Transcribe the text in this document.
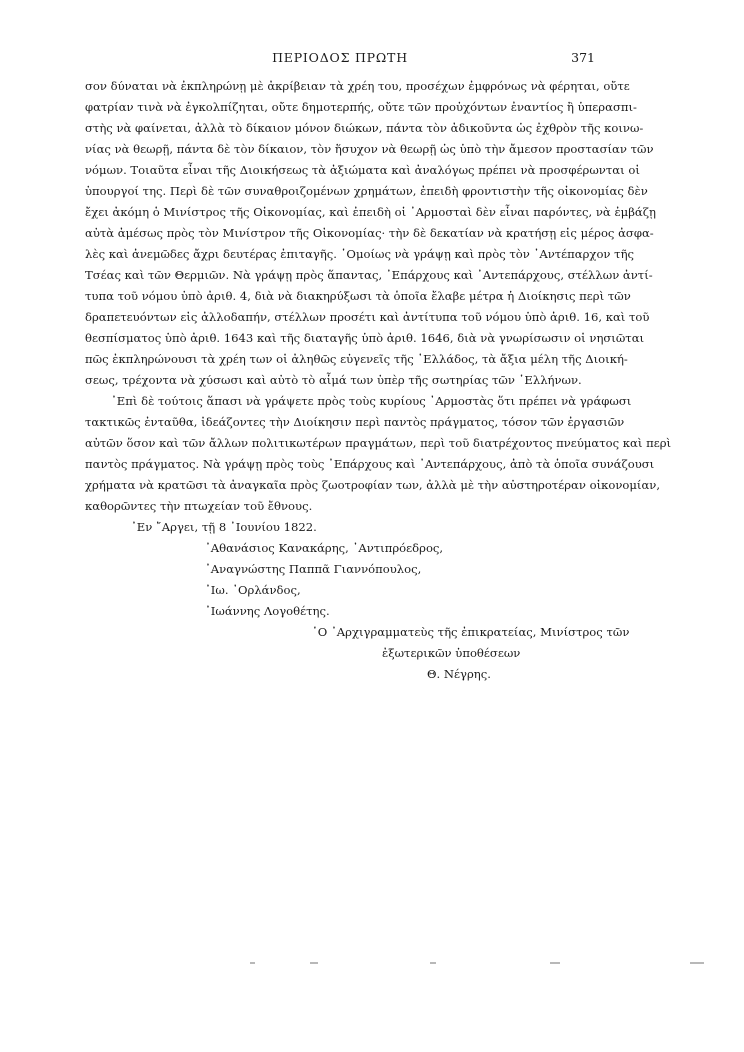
ΠΕΡΙΟΔΟΣ ΠΡΩΤΗ	371
σον δύναται νὰ ἐκπληρώνῃ μὲ ἀκρίβειαν τὰ χρέη του, προσέχων ἐμφρόνως νὰ φέρηται, οὔτε
φατρίαν τινὰ νὰ ἐγκολπίζηται, οὔτε δημοτερπής, οὔτε τῶν προὐχόντων ἐναντίος ἢ ὑπερασπι-
στὴς νὰ φαίνεται, ἀλλὰ τὸ δίκαιον μόνον διώκων, πάντα τὸν ἀδικοῦντα ὡς ἐχθρὸν τῆς κοινω-
νίας νὰ θεωρῇ, πάντα δὲ τὸν δίκαιον, τὸν ἥσυχον νὰ θεωρῇ ὡς ὑπὸ τὴν ἄμεσον προστασίαν τῶν
νόμων. Τοιαῦτα εἶναι τῆς Διοικήσεως τὰ ἀξιώματα καὶ ἀναλόγως πρέπει νὰ προσφέρωνται οἱ
ὑπουργοί της. Περὶ δὲ τῶν συναθροιζομένων χρημάτων, ἐπειδὴ φροντιστὴν τῆς οἰκονομίας δὲν
ἔχει ἀκόμη ὁ Μινίστρος τῆς Οἰκονομίας, καὶ ἐπειδὴ οἱ ᾿Αρμοσταὶ δὲν εἶναι παρόντες, νὰ ἐμβάζῃ
αὐτὰ ἀμέσως πρὸς τὸν Μινίστρον τῆς Οἰκονομίας· τὴν δὲ δεκατίαν νὰ κρατήσῃ εἰς μέρος ἀσφα-
λὲς καὶ ἀνεμῶδες ἄχρι δευτέρας ἐπιταγῆς. ῾Ομοίως νὰ γράψῃ καὶ πρὸς τὸν ᾿Αντέπαρχον τῆς
Τσέας καὶ τῶν Θερμιῶν. Νὰ γράψῃ πρὸς ἅπαντας, ᾿Επάρχους καὶ ᾿Αντεπάρχους, στέλλων ἀντί-
τυπα τοῦ νόμου ὑπὸ ἀριθ. 4, διὰ νὰ διακηρύξωσι τὰ ὁποῖα ἔλαβε μέτρα ἡ Διοίκησις περὶ τῶν
δραπετευόντων εἰς ἀλλοδαπήν, στέλλων προσέτι καὶ ἀντίτυπα τοῦ νόμου ὑπὸ ἀριθ. 16, καὶ τοῦ
θεσπίσματος ὑπὸ ἀριθ. 1643 καὶ τῆς διαταγῆς ὑπὸ ἀριθ. 1646, διὰ νὰ γνωρίσωσιν οἱ νησιῶται
πῶς ἐκπληρώνουσι τὰ χρέη των οἱ ἀληθῶς εὐγενεῖς τῆς ῾Ελλάδος, τὰ ἄξια μέλη τῆς Διοική-
σεως, τρέχοντα νὰ χύσωσι καὶ αὐτὸ τὸ αἷμά των ὑπὲρ τῆς σωτηρίας τῶν ῾Ελλήνων.
᾿Επὶ δὲ τούτοις ἅπασι νὰ γράψετε πρὸς τοὺς κυρίους ᾿Αρμοστὰς ὅτι πρέπει νὰ γράφωσι
τακτικῶς ἐνταῦθα, ἰδεάζοντες τὴν Διοίκησιν περὶ παντὸς πράγματος, τόσον τῶν ἐργασιῶν
αὐτῶν ὅσον καὶ τῶν ἄλλων πολιτικωτέρων πραγμάτων, περὶ τοῦ διατρέχοντος πνεύματος καὶ περὶ
παντὸς πράγματος. Νὰ γράψῃ πρὸς τοὺς ᾿Επάρχους καὶ ᾿Αντεπάρχους, ἀπὸ τὰ ὁποῖα συνάζουσι
χρήματα νὰ κρατῶσι τὰ ἀναγκαῖα πρὸς ζωοτροφίαν των, ἀλλὰ μὲ τὴν αὐστηροτέραν οἰκονομίαν,
καθορῶντες τὴν πτωχείαν τοῦ ἔθνους.

᾿Εν ῎Αργει, τῇ 8 ᾿Ιουνίου 1822.

᾿Αθανάσιος Κανακάρης, ᾿Αντιπρόεδρος,
᾿Αναγνώστης Παππᾶ Γιαννόπουλος,
᾿Ιω. ᾿Ορλάνδος,
᾿Ιωάννης Λογοθέτης.
῾Ο ᾿Αρχιγραμματεὺς τῆς ἐπικρατείας, Μινίστρος τῶν
ἐξωτερικῶν ὑποθέσεων
Θ. Νέγρης.
